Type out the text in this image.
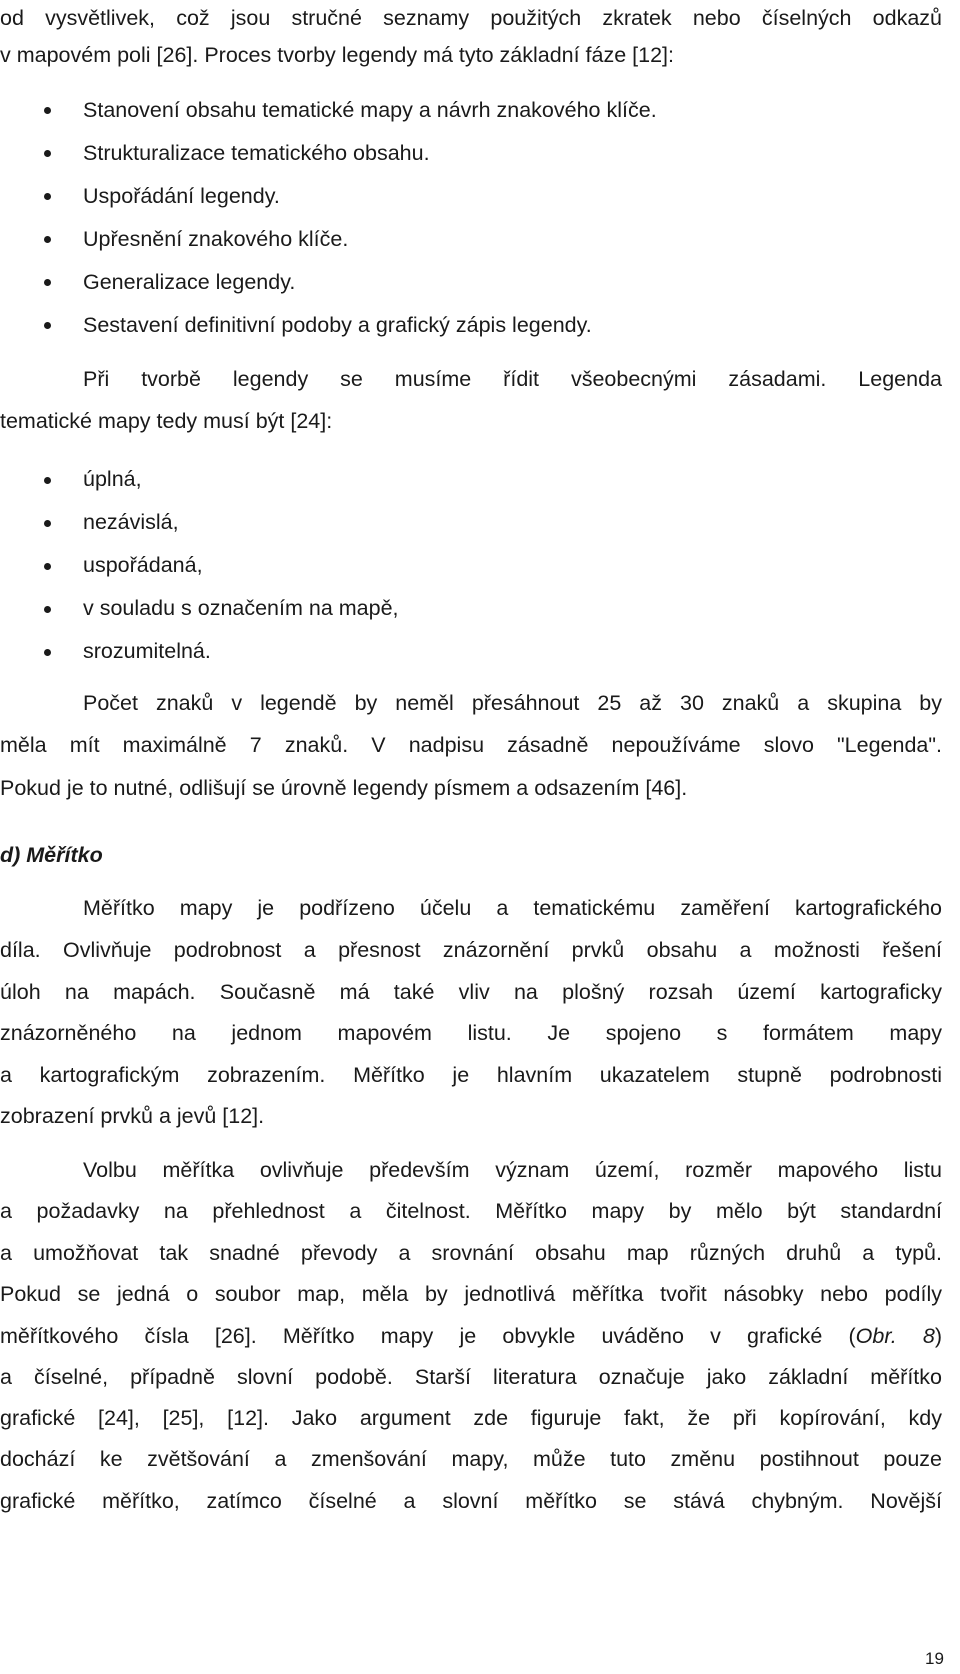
od vysvětlivek, což jsou stručné seznamy použitých zkratek nebo číselných odkazů
v mapovém poli [26]. Proces tvorby legendy má tyto základní fáze [12]:
Stanovení obsahu tematické mapy a návrh znakového klíče.
Strukturalizace tematického obsahu.
Uspořádání legendy.
Upřesnění znakového klíče.
Generalizace legendy.
Sestavení definitivní podoby a grafický zápis legendy.
Při tvorbě legendy se musíme řídit všeobecnými zásadami. Legenda
tematické mapy tedy musí být [24]:
úplná,
nezávislá,
uspořádaná,
v souladu s označením na mapě,
srozumitelná.
Počet znaků v legendě by neměl přesáhnout 25 až 30 znaků a skupina by
měla mít maximálně 7 znaků. V nadpisu zásadně nepoužíváme slovo "Legenda".
Pokud je to nutné, odlišují se úrovně legendy písmem a odsazením [46].
d) Měřítko
Měřítko mapy je podřízeno účelu a tematickému zaměření kartografického
díla. Ovlivňuje podrobnost a přesnost znázornění prvků obsahu a možnosti řešení
úloh na mapách. Současně má také vliv na plošný rozsah území kartograficky
znázorněného na jednom mapovém listu. Je spojeno s formátem mapy
a kartografickým zobrazením. Měřítko je hlavním ukazatelem stupně podrobnosti
zobrazení prvků a jevů [12].
Volbu měřítka ovlivňuje především význam území, rozměr mapového listu
a požadavky na přehlednost a čitelnost. Měřítko mapy by mělo být standardní
a umožňovat tak snadné převody a srovnání obsahu map různých druhů a typů.
Pokud se jedná o soubor map, měla by jednotlivá měřítka tvořit násobky nebo podíly
měřítkového čísla [26]. Měřítko mapy je obvykle uváděno v grafické (Obr. 8)
a číselné, případně slovní podobě. Starší literatura označuje jako základní měřítko
grafické [24], [25], [12]. Jako argument zde figuruje fakt, že při kopírování, kdy
dochází ke zvětšování a zmenšování mapy, může tuto změnu postihnout pouze
grafické měřítko, zatímco číselné a slovní měřítko se stává chybným. Novější
19
